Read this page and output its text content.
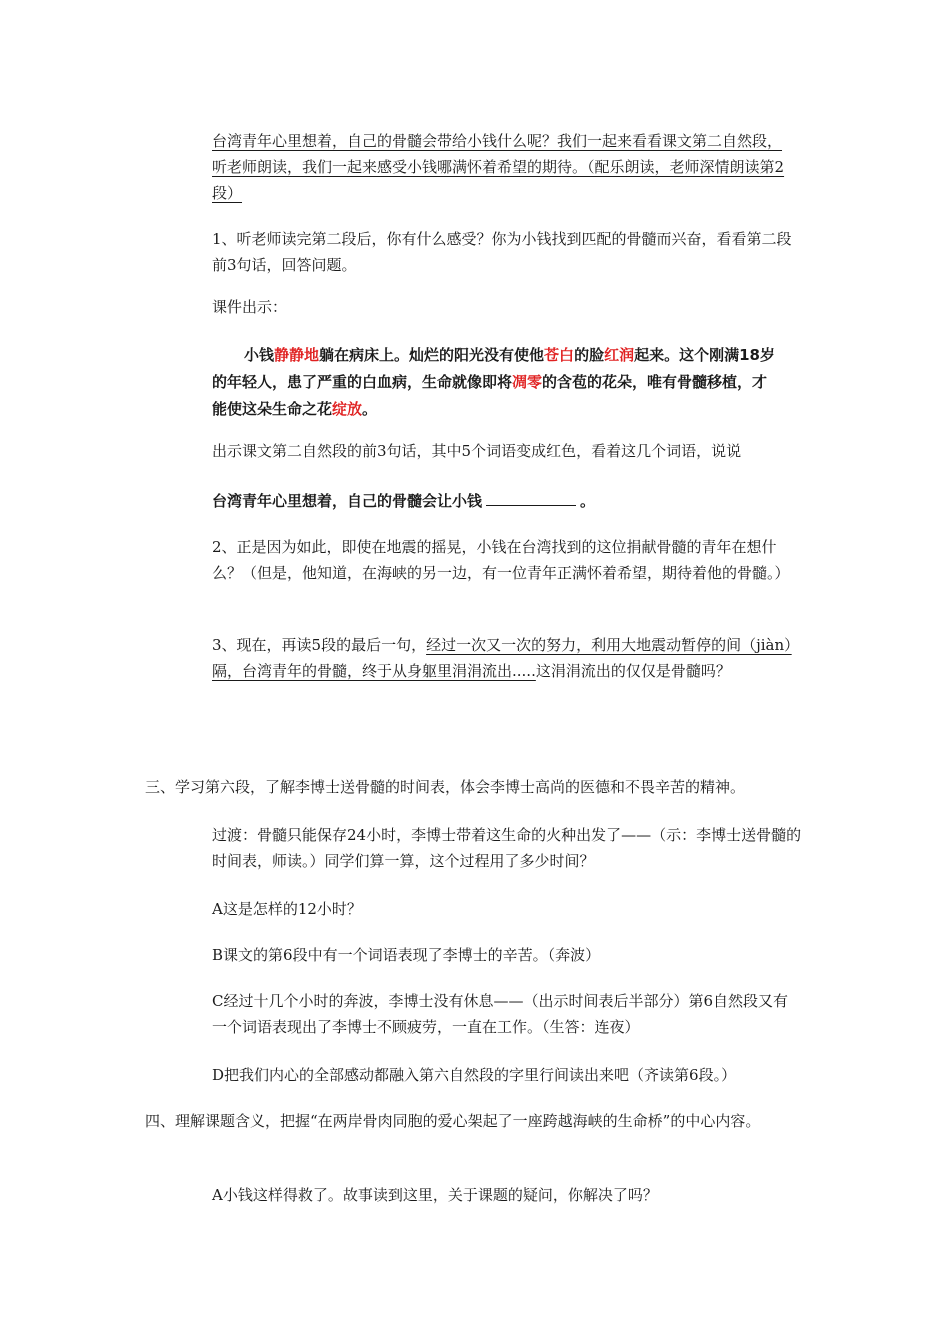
台湾青年心里想着，自己的骨髓会带给小钱什么呢？我们一起来看看课文第二自然段，听老师朗读，我们一起来感受小钱哪满怀着希望的期待。（配乐朗读，老师深情朗读第2段）

1、听老师读完第二段后，你有什么感受？你为小钱找到匹配的骨髓而兴奋，看看第二段前3句话，回答问题。

课件出示：

小钱静静地躺在病床上。灿烂的阳光没有使他苍白的脸红润起来。这个刚满18岁的年轻人，患了严重的白血病，生命就像即将凋零的含苞的花朵，唯有骨髓移植，才能使这朵生命之花绽放。

出示课文第二自然段的前3句话，其中5个词语变成红色，看着这几个词语，说说

台湾青年心里想着，自己的骨髓会让小钱	。

2、正是因为如此，即使在地震的摇晃，小钱在台湾找到的这位捐献骨髓的青年在想什么？（但是，他知道，在海峡的另一边，有一位青年正满怀着希望，期待着他的骨髓。）

3、现在，再读5段的最后一句，经过一次又一次的努力，利用大地震动暂停的间（jiàn）隔，台湾青年的骨髓，终于从身躯里涓涓流出.....这涓涓流出的仅仅是骨髓吗？

三、学习第六段，了解李博士送骨髓的时间表，体会李博士高尚的医德和不畏辛苦的精神。

过渡：骨髓只能保存24小时，李博士带着这生命的火种出发了——（示：李博士送骨髓的时间表，师读。）同学们算一算，这个过程用了多少时间？

A这是怎样的12小时？

B课文的第6段中有一个词语表现了李博士的辛苦。（奔波）

C经过十几个小时的奔波，李博士没有休息——（出示时间表后半部分）第6自然段又有一个词语表现出了李博士不顾疲劳，一直在工作。（生答：连夜）

D把我们内心的全部感动都融入第六自然段的字里行间读出来吧（齐读第6段。）

四、理解课题含义，把握“在两岸骨肉同胞的爱心架起了一座跨越海峡的生命桥”的中心内容。

A小钱这样得救了。故事读到这里，关于课题的疑问，你解决了吗？
